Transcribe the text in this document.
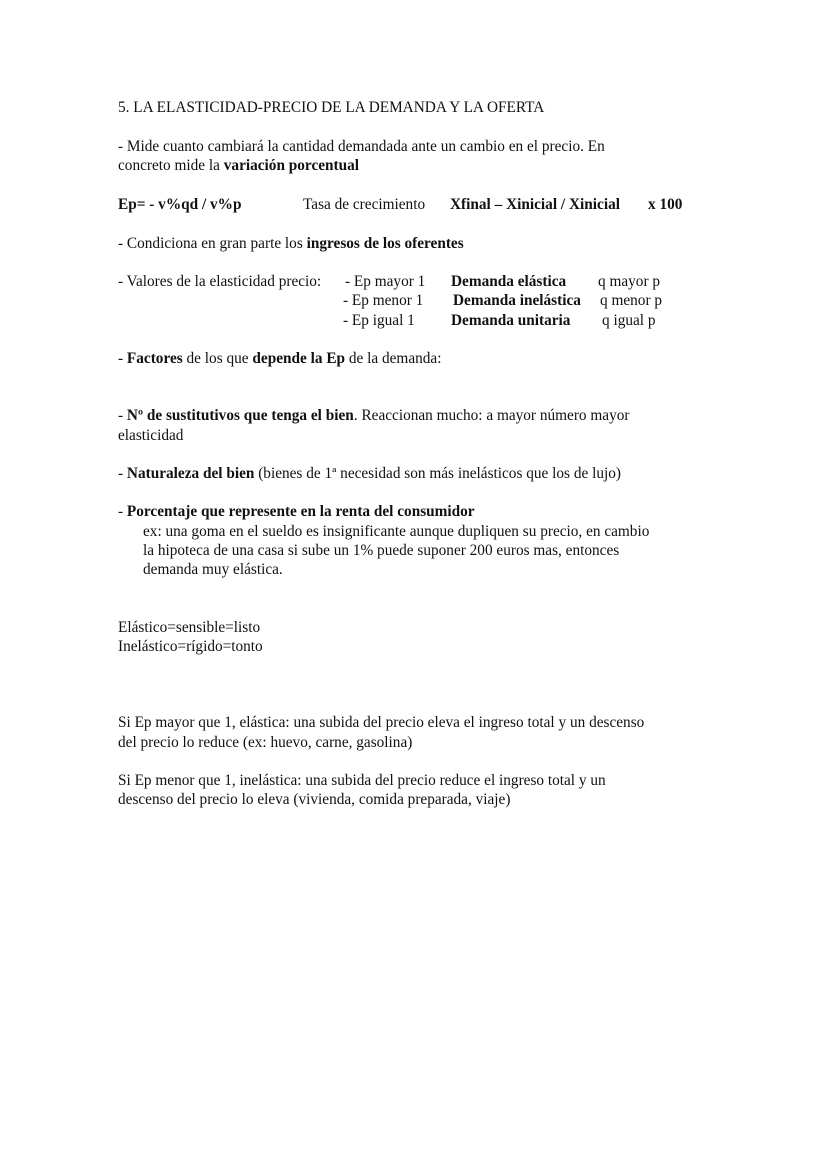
5. LA ELASTICIDAD-PRECIO DE LA DEMANDA Y LA OFERTA
- Mide cuanto cambiará la cantidad demandada ante un cambio en el precio. En
concreto mide la variación porcentual
Ep= - v%qd / v%p	Tasa de crecimiento Xfinal – Xinicial / Xinicial x 100
- Condiciona en gran parte los ingresos de los oferentes
- Valores de la elasticidad precio: - Ep mayor 1 Demanda elástica q mayor p
- Ep menor 1 Demanda inelástica q menor p
- Ep igual 1 Demanda unitaria q igual p
- Factores de los que depende la Ep de la demanda:
- Nº de sustitutivos que tenga el bien. Reaccionan mucho: a mayor número mayor
elasticidad
- Naturaleza del bien (bienes de 1ª necesidad son más inelásticos que los de lujo)
- Porcentaje que represente en la renta del consumidor
ex: una goma en el sueldo es insignificante aunque dupliquen su precio, en cambio
la hipoteca de una casa si sube un 1% puede suponer 200 euros mas, entonces
demanda muy elástica.
Elástico=sensible=listo
Inelástico=rígido=tonto
Si Ep mayor que 1, elástica: una subida del precio eleva el ingreso total y un descenso
del precio lo reduce (ex: huevo, carne, gasolina)
Si Ep menor que 1, inelástica: una subida del precio reduce el ingreso total y un
descenso del precio lo eleva (vivienda, comida preparada, viaje)
